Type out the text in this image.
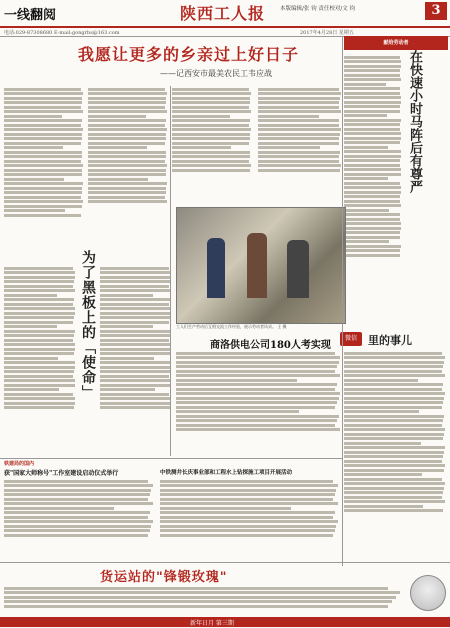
一线翻阅	陕西工人报	本版编辑/张 钧 责任校对/文 钧	3
电话:029-87308680 E-mail:gongrbs@163.com	2017年4月28日 星期五
我愿让更多的乡亲过上好日子
——记西安市最美农民工韦应战
为了黑板上的「使命」
献给劳动者
在快速小时马阵后有尊严
工人们生产劳动后互相交流工作经验，展示劳动者风采。 王 摄
商洛供电公司180人考实现
铁建局的国内
获"国家大师称号"工作室建设启动仪式举行	中铁测井长庆事业部和工程水上钻探施工项目开展活动
微信	里的事儿
货运站的"锋锻玫瑰"
新年日月 第三期
